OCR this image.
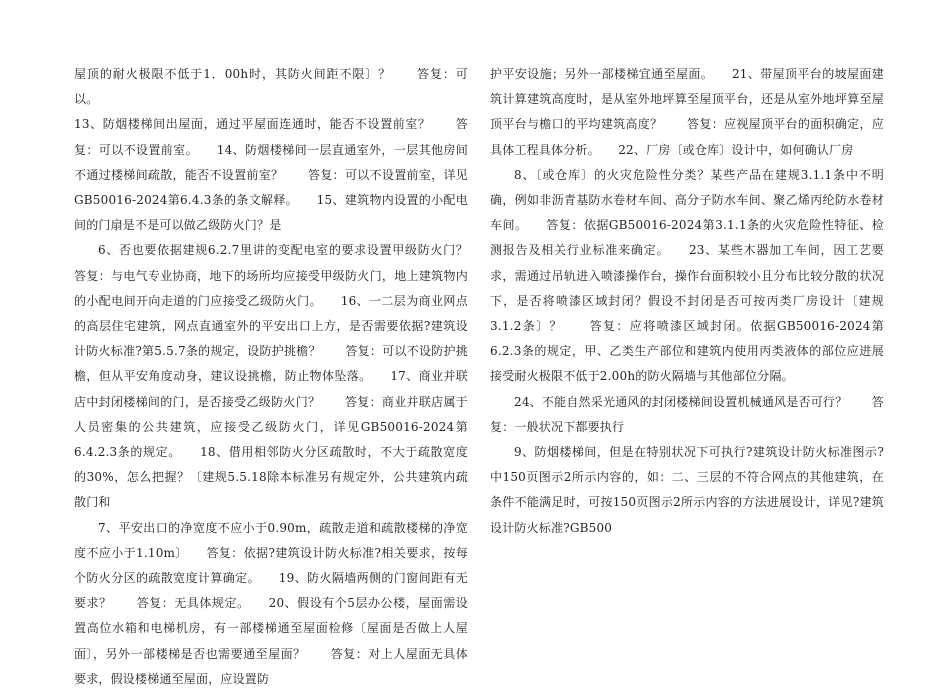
屋顶的耐火极限不低于1．00h时，其防火间距不限〕？　　答复：可以。

13、防烟楼梯间出屋面，通过平屋面连通时，能否不设置前室？　　答复：可以不设置前室。　　14、防烟楼梯间一层直通室外，一层其他房间不通过楼梯间疏散，能否不设置前室？　　答复：可以不设置前室，详见GB50016-2024第6.4.3条的条文解释。　　15、建筑物内设置的小配电间的门扇是不是可以做乙级防火门？是

6、否也要依据建规6.2.7里讲的变配电室的要求设置甲级防火门？　　答复：与电气专业协商，地下的场所均应接受甲级防火门，地上建筑物内的小配电间开向走道的门应接受乙级防火门。　　16、一二层为商业网点的高层住宅建筑，网点直通室外的平安出口上方，是否需要依据?建筑设计防火标准?第5.5.7条的规定，设防护挑檐？　　答复：可以不设防护挑檐，但从平安角度动身，建议设挑檐，防止物体坠落。　　17、商业并联店中封闭楼梯间的门，是否接受乙级防火门？　　答复：商业并联店属于人员密集的公共建筑，应接受乙级防火门，详见GB50016-2024第6.4.2.3条的规定。　　18、借用相邻防火分区疏散时，不大于疏散宽度的30%，怎么把握？〔建规5.5.18除本标准另有规定外，公共建筑内疏散门和

7、平安出口的净宽度不应小于0.90m，疏散走道和疏散楼梯的净宽度不应小于1.10m〕　　答复：依据?建筑设计防火标准?相关要求，按每个防火分区的疏散宽度计算确定。　　19、防火隔墙两侧的门窗间距有无要求？　　答复：无具体规定。　　20、假设有个5层办公楼，屋面需设置高位水箱和电梯机房，有一部楼梯通至屋面检修〔屋面是否做上人屋面〕，另外一部楼梯是否也需要通至屋面？　　答复：对上人屋面无具体要求，假设楼梯通至屋面，应设置防

护平安设施；另外一部楼梯宜通至屋面。　　21、带屋顶平台的坡屋面建筑计算建筑高度时，是从室外地坪算至屋顶平台，还是从室外地坪算至屋顶平台与檐口的平均建筑高度？　　答复：应视屋顶平台的面积确定，应具体工程具体分析。　　22、厂房〔或仓库〕设计中，如何确认厂房

8、〔或仓库〕的火灾危险性分类？某些产品在建规3.1.1条中不明确，例如非沥青基防水卷材车间、高分子防水车间、聚乙烯丙纶防水卷材车间。　　答复：依据GB50016-2024第3.1.1条的火灾危险性特征、检测报告及相关行业标准来确定。　　23、某些木器加工车间，因工艺要求，需通过吊轨进入喷漆操作台，操作台面积较小且分布比较分散的状况下，是否将喷漆区域封闭？假设不封闭是否可按丙类厂房设计〔建规3.1.2条〕？　　答复：应将喷漆区域封闭。依据GB50016-2024第6.2.3条的规定，甲、乙类生产部位和建筑内使用丙类液体的部位应进展接受耐火极限不低于2.00h的防火隔墙与其他部位分隔。

24、不能自然采光通风的封闭楼梯间设置机械通风是否可行？　　答复：一般状况下都要执行

9、防烟楼梯间，但是在特别状况下可执行?建筑设计防火标准图示?中150页图示2所示内容的，如：二、三层的不符合网点的其他建筑，在条件不能满足时，可按150页图示2所示内容的方法进展设计，详见?建筑设计防火标准?GB500
